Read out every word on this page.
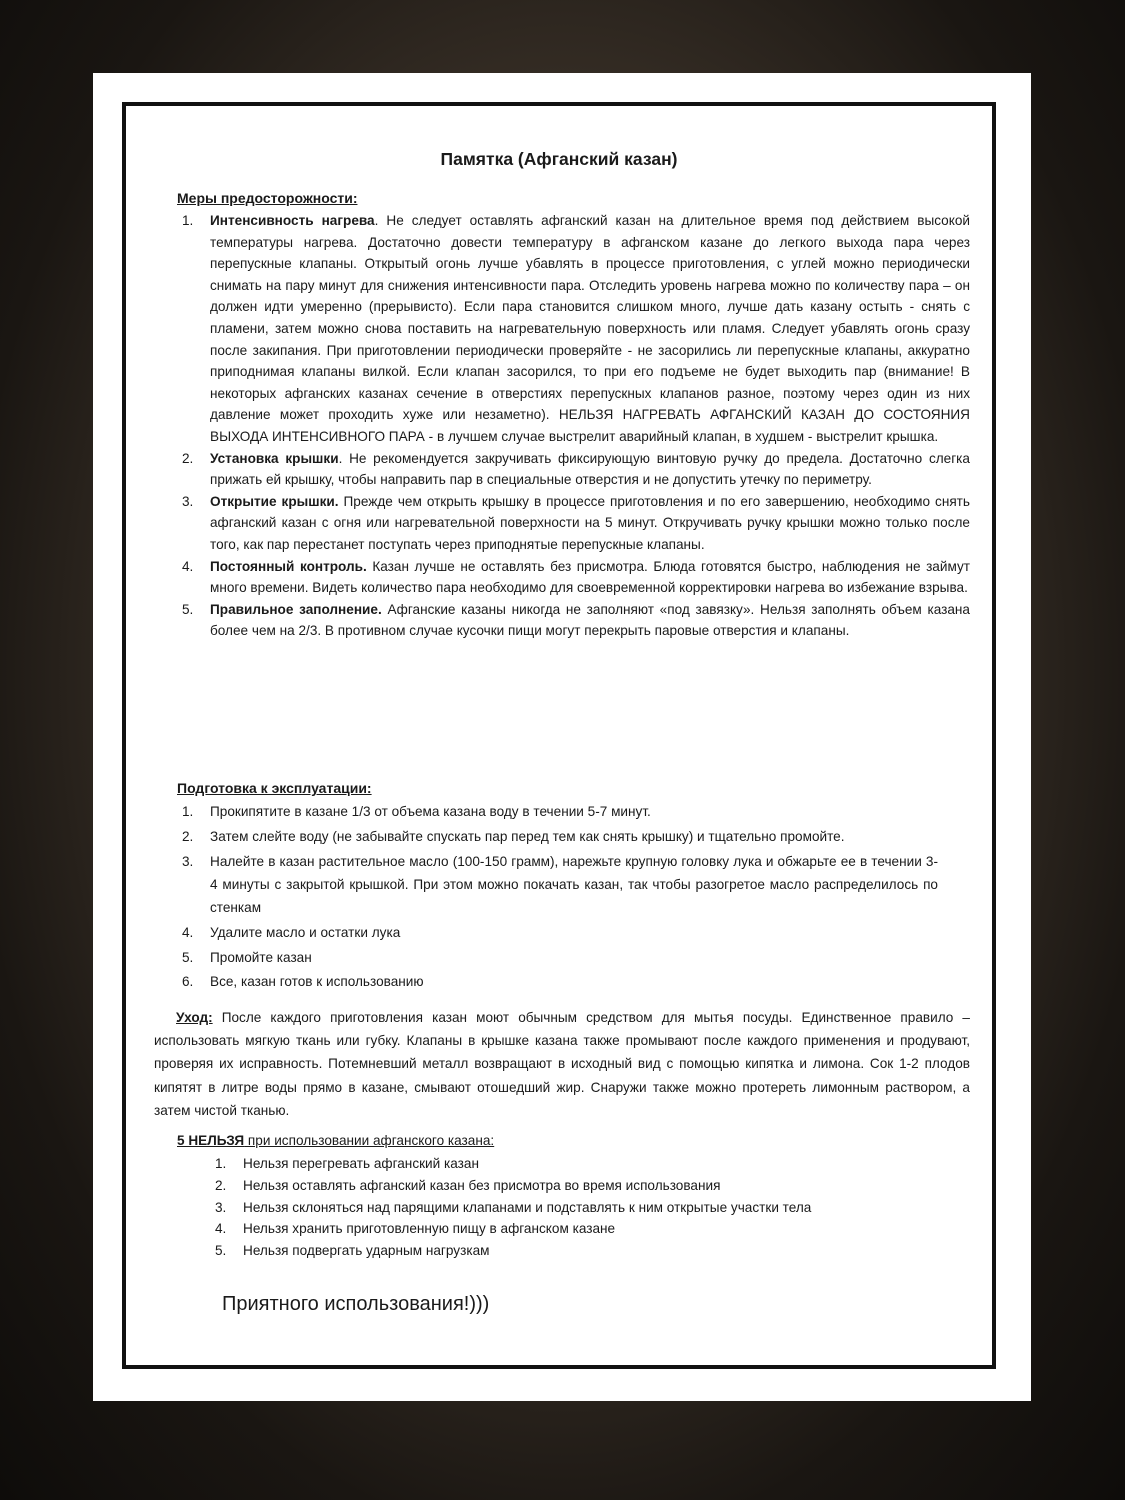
Памятка (Афганский казан)
Меры предосторожности:
1. Интенсивность нагрева. Не следует оставлять афганский казан на длительное время под действием высокой температуры нагрева. Достаточно довести температуру в афганском казане до легкого выхода пара через перепускные клапаны. Открытый огонь лучше убавлять в процессе приготовления, с углей можно периодически снимать на пару минут для снижения интенсивности пара. Отследить уровень нагрева можно по количеству пара – он должен идти умеренно (прерывисто). Если пара становится слишком много, лучше дать казану остыть - снять с пламени, затем можно снова поставить на нагревательную поверхность или пламя. Следует убавлять огонь сразу после закипания. При приготовлении периодически проверяйте - не засорились ли перепускные клапаны, аккуратно приподнимая клапаны вилкой. Если клапан засорился, то при его подъеме не будет выходить пар (внимание! В некоторых афганских казанах сечение в отверстиях перепускных клапанов разное, поэтому через один из них давление может проходить хуже или незаметно). НЕЛЬЗЯ НАГРЕВАТЬ АФГАНСКИЙ КАЗАН ДО СОСТОЯНИЯ ВЫХОДА ИНТЕНСИВНОГО ПАРА - в лучшем случае выстрелит аварийный клапан, в худшем - выстрелит крышка.
2. Установка крышки. Не рекомендуется закручивать фиксирующую винтовую ручку до предела. Достаточно слегка прижать ей крышку, чтобы направить пар в специальные отверстия и не допустить утечку по периметру.
3. Открытие крышки. Прежде чем открыть крышку в процессе приготовления и по его завершению, необходимо снять афганский казан с огня или нагревательной поверхности на 5 минут. Откручивать ручку крышки можно только после того, как пар перестанет поступать через приподнятые перепускные клапаны.
4. Постоянный контроль. Казан лучше не оставлять без присмотра. Блюда готовятся быстро, наблюдения не займут много времени. Видеть количество пара необходимо для своевременной корректировки нагрева во избежание взрыва.
5. Правильное заполнение. Афганские казаны никогда не заполняют «под завязку». Нельзя заполнять объем казана более чем на 2/3. В противном случае кусочки пищи могут перекрыть паровые отверстия и клапаны.
Подготовка к эксплуатации:
1. Прокипятите в казане 1/3 от объема казана воду в течении 5-7 минут.
2. Затем слейте воду (не забывайте спускать пар перед тем как снять крышку) и тщательно промойте.
3. Налейте в казан растительное масло (100-150 грамм), нарежьте крупную головку лука и обжарьте ее в течении 3-4 минуты с закрытой крышкой. При этом можно покачать казан, так чтобы разогретое масло распределилось по стенкам
4. Удалите масло и остатки лука
5. Промойте казан
6. Все, казан готов к использованию
Уход: После каждого приготовления казан моют обычным средством для мытья посуды. Единственное правило – использовать мягкую ткань или губку. Клапаны в крышке казана также промывают после каждого применения и продувают, проверяя их исправность. Потемневший металл возвращают в исходный вид с помощью кипятка и лимона. Сок 1-2 плодов кипятят в литре воды прямо в казане, смывают отошедший жир. Снаружи также можно протереть лимонным раствором, а затем чистой тканью.
5 НЕЛЬЗЯ при использовании афганского казана:
1. Нельзя перегревать афганский казан
2. Нельзя оставлять афганский казан без присмотра во время использования
3. Нельзя склоняться над парящими клапанами и подставлять к ним открытые участки тела
4. Нельзя хранить приготовленную пищу в афганском казане
5. Нельзя подвергать ударным нагрузкам
Приятного использования!)))
